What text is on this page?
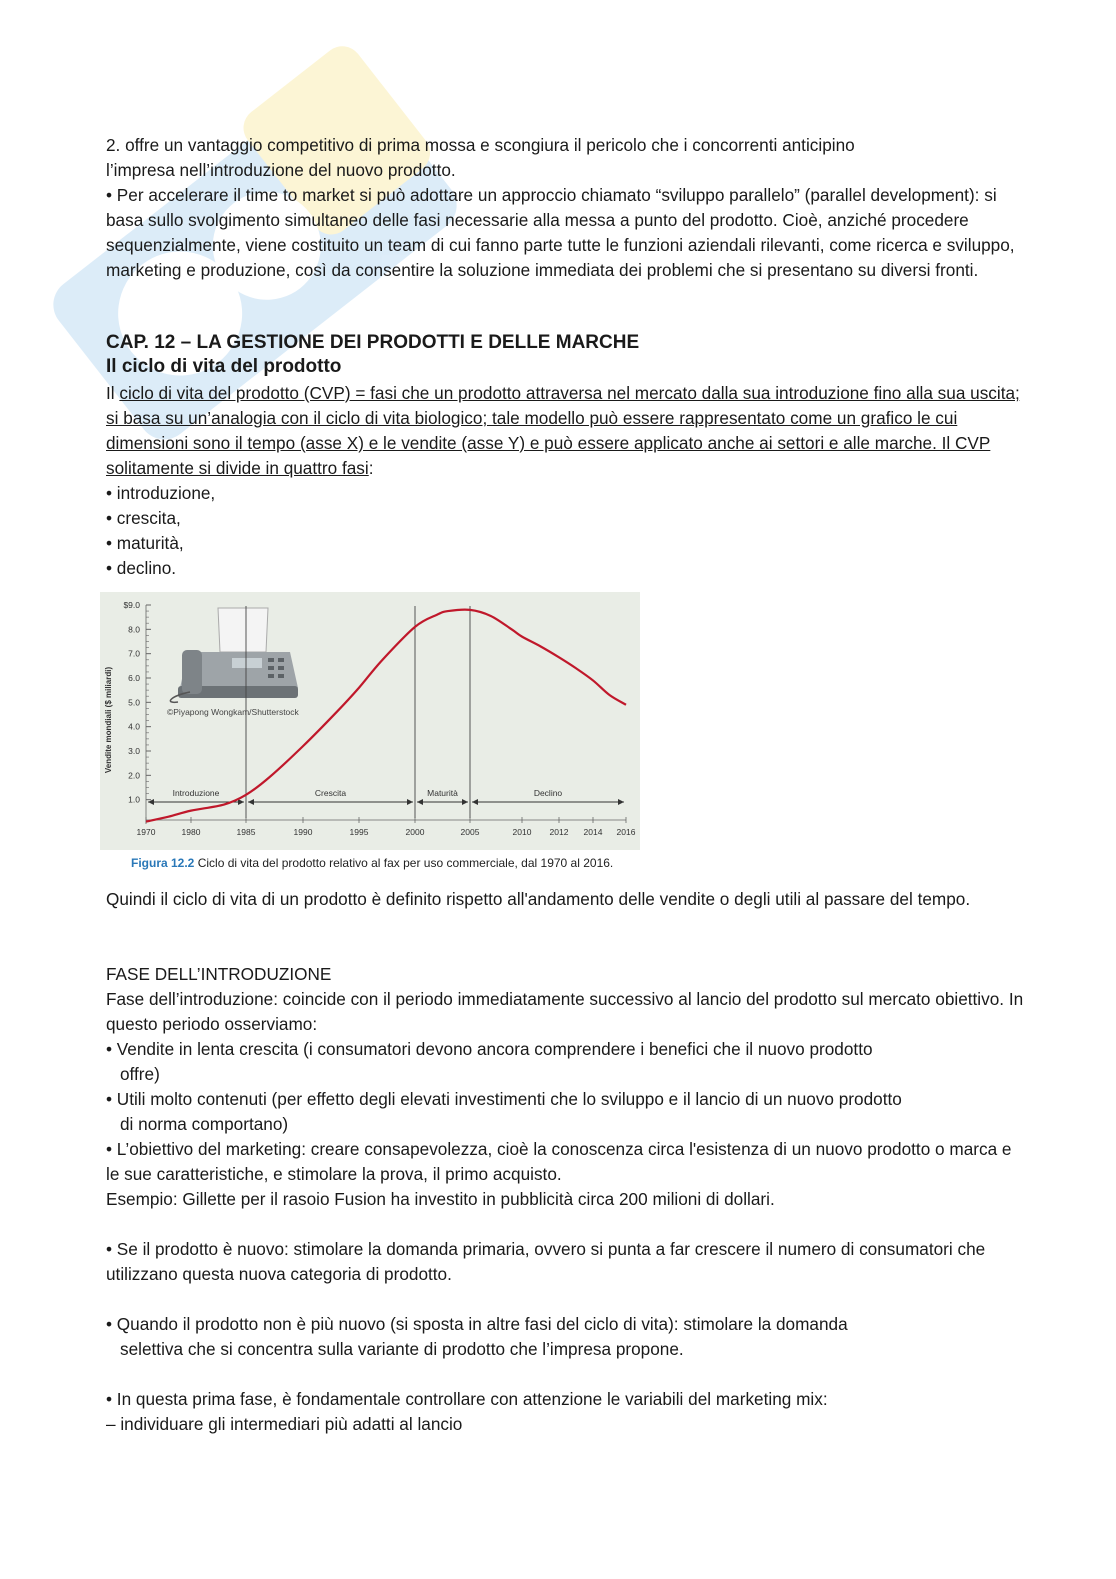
2. offre un vantaggio competitivo di prima mossa e scongiura il pericolo che i concorrenti anticipino

l’impresa nell’introduzione del nuovo prodotto.

• Per accelerare il time to market si può adottare un approccio chiamato “sviluppo parallelo” (parallel development): si basa sullo svolgimento simultaneo delle fasi necessarie alla messa a punto del prodotto. Cioè, anziché procedere sequenzialmente, viene costituito un team di cui fanno parte tutte le funzioni aziendali rilevanti, come ricerca e sviluppo, marketing e produzione, così da consentire la soluzione immediata dei problemi che si presentano su diversi fronti.

CAP. 12 – LA GESTIONE DEI PRODOTTI E DELLE MARCHE
Il ciclo di vita del prodotto

Il ciclo di vita del prodotto (CVP) = fasi che un prodotto attraversa nel mercato dalla sua introduzione fino alla sua uscita; si basa su un’analogia con il ciclo di vita biologico; tale modello può essere rappresentato come un grafico le cui dimensioni sono il tempo (asse X) e le vendite (asse Y) e può essere applicato anche ai settori e alle marche. Il CVP solitamente si divide in quattro fasi:

• introduzione,

• crescita,

• maturità,

• declino.

©Piyapong Wongkam/Shutterstock
Vendite mondiali ($ miliardi)
$9.0
8.0
7.0
6.0
5.0
4.0
3.0
2.0
1.0
1970	1980	1985	1990	1995	2000	2005	2010 2012 2014 2016
Introduzione	Crescita	Maturità	Declino
Figura 12.2 Ciclo di vita del prodotto relativo al fax per uso commerciale, dal 1970 al 2016.

Quindi il ciclo di vita di un prodotto è definito rispetto all'andamento delle vendite o degli utili al passare del tempo.

FASE DELL’INTRODUZIONE

Fase dell’introduzione: coincide con il periodo immediatamente successivo al lancio del prodotto sul mercato obiettivo. In questo periodo osserviamo:

• Vendite in lenta crescita (i consumatori devono ancora comprendere i benefici che il nuovo prodotto

offre)

• Utili molto contenuti (per effetto degli elevati investimenti che lo sviluppo e il lancio di un nuovo prodotto

di norma comportano)

• L’obiettivo del marketing: creare consapevolezza, cioè la conoscenza circa l'esistenza di un nuovo prodotto o marca e le sue caratteristiche, e stimolare la prova, il primo acquisto.

Esempio: Gillette per il rasoio Fusion ha investito in pubblicità circa 200 milioni di dollari.

• Se il prodotto è nuovo: stimolare la domanda primaria, ovvero si punta a far crescere il numero di consumatori che utilizzano questa nuova categoria di prodotto.

• Quando il prodotto non è più nuovo (si sposta in altre fasi del ciclo di vita): stimolare la domanda

selettiva che si concentra sulla variante di prodotto che l’impresa propone.

• In questa prima fase, è fondamentale controllare con attenzione le variabili del marketing mix:

– individuare gli intermediari più adatti al lancio
